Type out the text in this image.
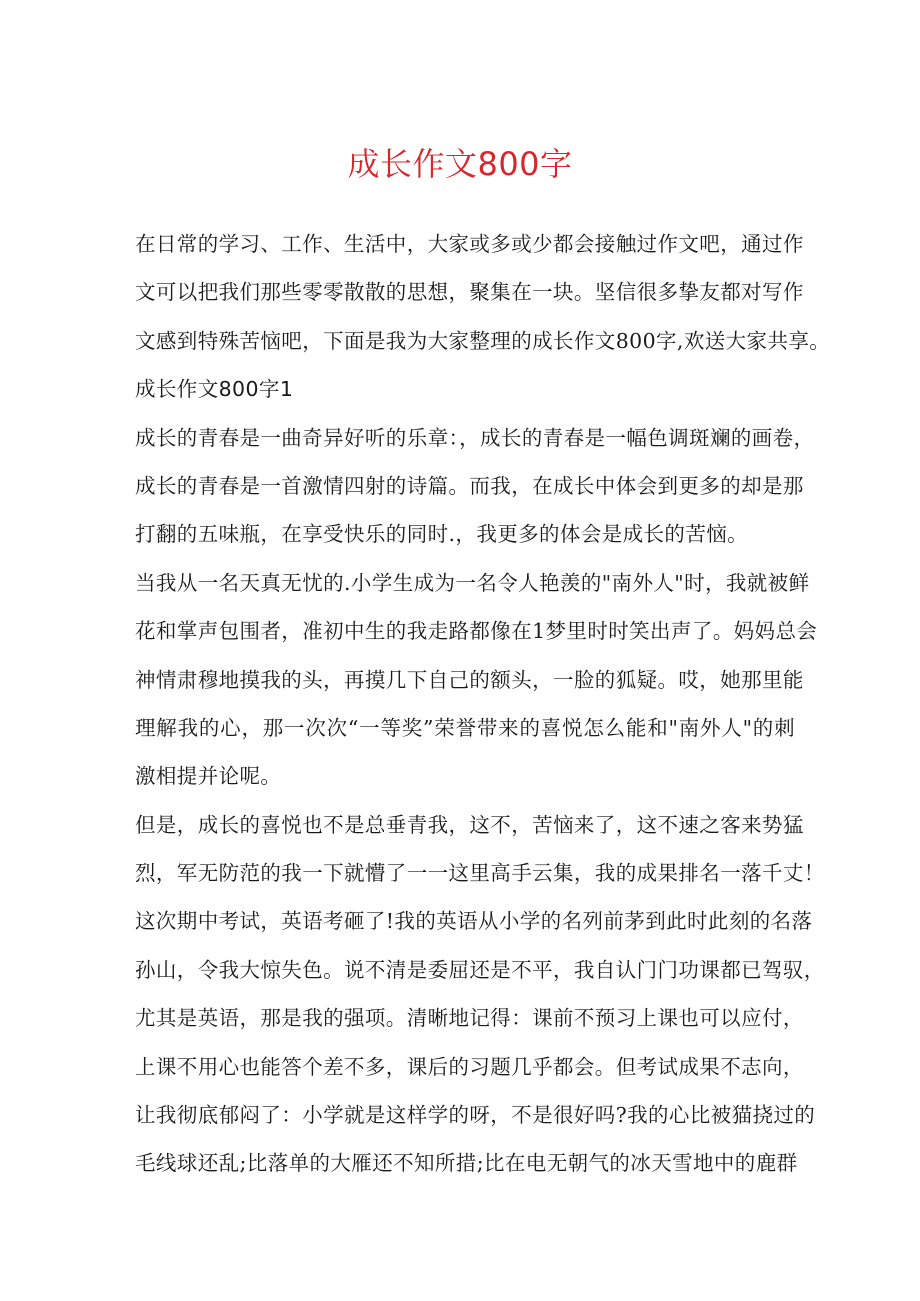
成长作文800字
在日常的学习、工作、生活中，大家或多或少都会接触过作文吧，通过作
文可以把我们那些零零散散的思想，聚集在一块。坚信很多挚友都对写作
文感到特殊苦恼吧，下面是我为大家整理的成长作文800字,欢送大家共享。
成长作文800字1
成长的青春是一曲奇异好听的乐章：，成长的青春是一幅色调斑斓的画卷，
成长的青春是一首激情四射的诗篇。而我，在成长中体会到更多的却是那
打翻的五味瓶，在享受快乐的同时.，我更多的体会是成长的苦恼。
当我从一名天真无忧的.小学生成为一名令人艳羡的"南外人"时，我就被鲜
花和掌声包围者，准初中生的我走路都像在1梦里时时笑出声了。妈妈总会
神情肃穆地摸我的头，再摸几下自己的额头，一脸的狐疑。哎，她那里能
理解我的心，那一次次“一等奖”荣誉带来的喜悦怎么能和"南外人"的刺
激相提并论呢。
但是，成长的喜悦也不是总垂青我，这不，苦恼来了，这不速之客来势猛
烈，军无防范的我一下就懵了一一这里高手云集，我的成果排名一落千丈！
这次期中考试，英语考砸了!我的英语从小学的名列前茅到此时此刻的名落
孙山，令我大惊失色。说不清是委屈还是不平，我自认门门功课都已驾驭，
尤其是英语，那是我的强项。清晰地记得：课前不预习上课也可以应付，
上课不用心也能答个差不多，课后的习题几乎都会。但考试成果不志向，
让我彻底郁闷了：小学就是这样学的呀，不是很好吗?我的心比被猫挠过的
毛线球还乱;比落单的大雁还不知所措;比在电无朝气的冰天雪地中的鹿群
